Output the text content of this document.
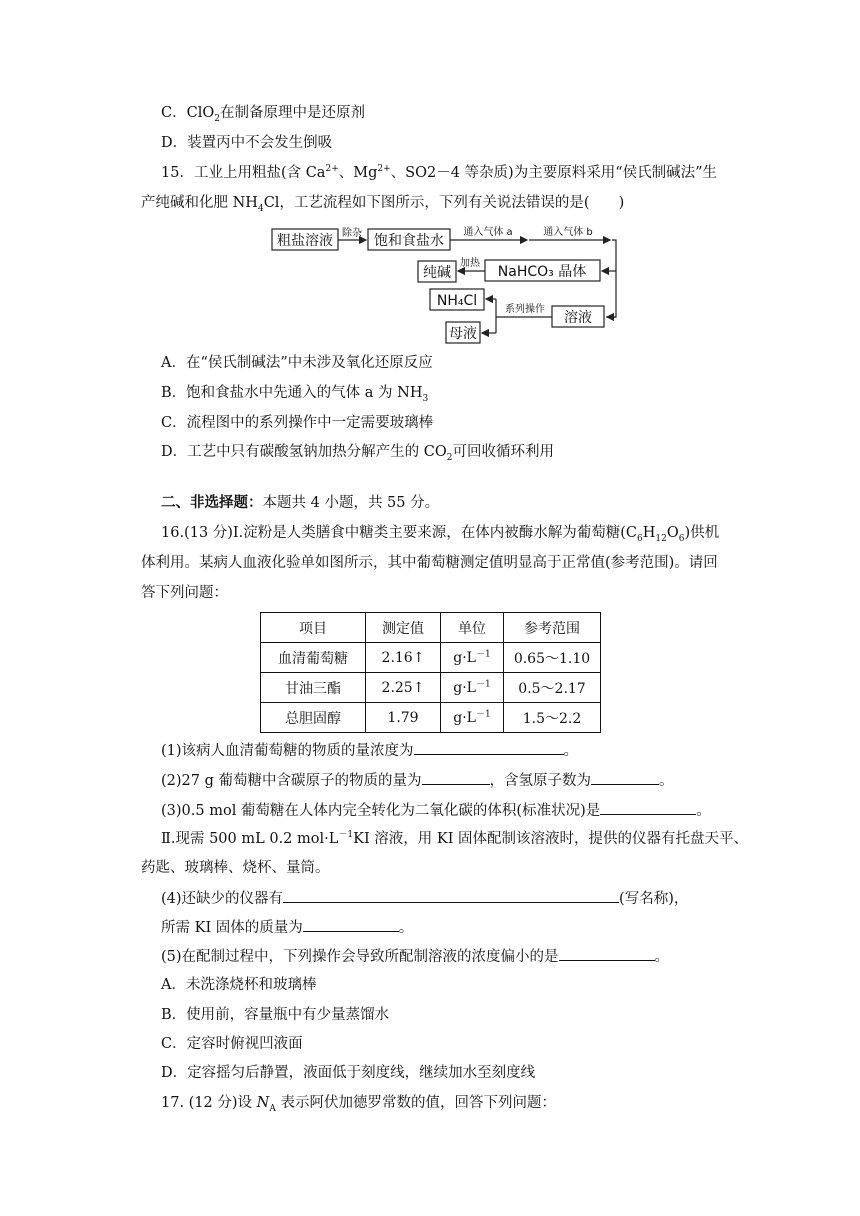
C．ClO$_2$在制备原理中是还原剂
D．装置丙中不会发生倒吸
15．工业上用粗盐(含 $Ca^{2+}$、$Mg^{2+}$、SO2－4 等杂质)为主要原料采用“侯氏制碱法”生
产纯碱和化肥 $NH_4Cl$，工艺流程如下图所示，下列有关说法错误的是(　　)
粗盐溶液 除杂 饱和食盐水
通入气体 a	通入气体 b
NaHCO₃ 晶体
加热
纯碱
溶液
系列操作
NH₄Cl
母液
A．在“侯氏制碱法”中未涉及氧化还原反应
B．饱和食盐水中先通入的气体 a 为 $NH_3$
C．流程图中的系列操作中一定需要玻璃棒
D．工艺中只有碳酸氢钠加热分解产生的 $CO_2$可回收循环利用
二、非选择题：本题共 4 小题，共 55 分。
16.(13 分)Ⅰ.淀粉是人类膳食中糖类主要来源，在体内被酶水解为葡萄糖$(C_6H_{12}O_6)$供机
体利用。某病人血液化验单如图所示，其中葡萄糖测定值明显高于正常值(参考范围)。请回
答下列问题：
项目	测定值	单位	参考范围
血清葡萄糖	2.16↑	$g\cdot L^{-1}$	0.65～1.10
甘油三酯	2.25↑	$g\cdot L^{-1}$	0.5～2.17
总胆固醇	1.79	$g\cdot L^{-1}$	1.5～2.2
(1)该病人血清葡萄糖的物质的量浓度为	。
(2)27 g 葡萄糖中含碳原子的物质的量为	，含氢原子数为	。
(3)0.5 mol 葡萄糖在人体内完全转化为二氧化碳的体积(标准状况)是	。
Ⅱ.现需 500 mL 0.2 $mol\cdot L^{-1}KI$ 溶液，用 KI 固体配制该溶液时，提供的仪器有托盘天平、
药匙、玻璃棒、烧杯、量筒。
(4)还缺少的仪器有	(写名称)，
所需 KI 固体的质量为	。
(5)在配制过程中，下列操作会导致所配制溶液的浓度偏小的是	。
A．未洗涤烧杯和玻璃棒
B．使用前，容量瓶中有少量蒸馏水
C．定容时俯视凹液面
D．定容摇匀后静置，液面低于刻度线，继续加水至刻度线
17. (12 分)设 $N_A$ 表示阿伏加德罗常数的值，回答下列问题：
